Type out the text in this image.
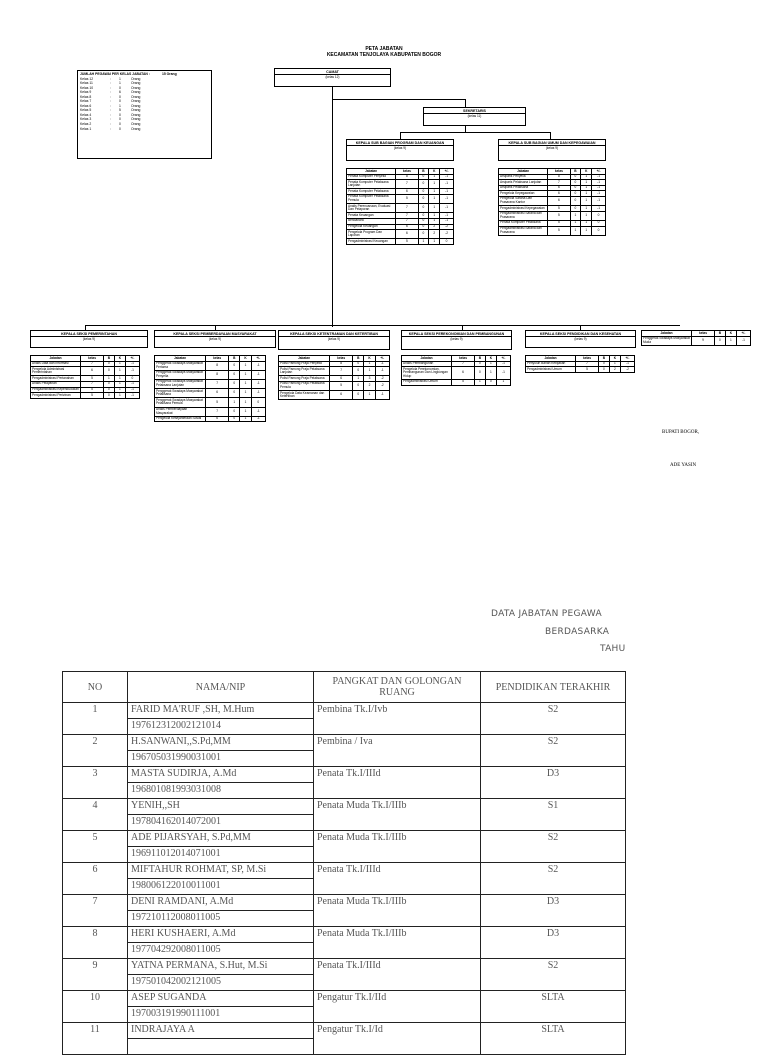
PETA JABATAN
KECAMATAN TENJOLAYA KABUPATEN BOGOR
JUMLAH PEGAWAI PER KELAS JABATAN :	15 Orang
Kelas 12	:	1	Orang
Kelas 11	:	1	Orang
Kelas 10	:	0	Orang
Kelas 9	:	6	Orang
Kelas 8	:	0	Orang
Kelas 7	:	0	Orang
Kelas 6	:	1	Orang
Kelas 5	:	5	Orang
Kelas 4	:	0	Orang
Kelas 3	:	0	Orang
Kelas 2	:	0	Orang
Kelas 1	:	0	Orang
CAMAT
(kelas 12)
SEKRETARIS
(kelas 11)
KEPALA SUB BAGIAN PROGRAM DAN KEUANGAN
(kelas 9)
KEPALA SUB BAGIAN UMUM DAN KEPEGAWAIAN
(kelas 9)
KEPALA SEKSI PEMERINTAHAN
(kelas 9)
KEPALA SEKSI PEMBERDAYAAN MASYARAKAT
(kelas 9)
KEPALA SEKSI KETENTRAMAN DAN KETERTIBAN
(kelas 9)
KEPALA SEKSI PEREKONOMIAN DAN PEMBANGUNAN
(kelas 9)
KEPALA SEKSI PENDIDIKAN DAN KESEHATAN
(kelas 9)
Jabatan	kelas	B	K	+/-
Penata Komputer Penyelia	8	0	1	-1
Penata Komputer Pelaksana Lanjutan	7	0	1	-1
Penata Komputer Pelaksana	6	0	1	-1
Penata Komputer Pelaksana Pemula	5	0	1	-1
Analis Perencanaan, Evaluasi Dan Pelaporan	7	0	1	-1
Penata Keuangan	7	0	1	-1
Bendahara	7	0	1	-1
Pengelola Keuangan	6	0	2	-2
Pengelola Program Dan Laporan	6	0	2	-2
Pengadministrasi Keuangan	5	1	1	0
Jabatan	kelas	B	K	+/-
Arsiparis Penyelia	8	0	1	-1
Arsiparis Pelaksana Lanjutan	7	0	1	-1
Arsiparis Pelaksana	6	0	1	-1
Pengelola Kepegawaian	6	0	1	-1
Pengelola Sarana Dan Prasarana Kantor	6	0	1	-1
Pengadministrasi Kepegawaian	5	0	1	-1
Pengadministrasi Sarana dan Prasarana	5	1	1	0
Penata Komputer Pelaksana	5	1	1	0
Pengadministrasi Sarana dan Prasarana	5	1	1	0
Jabatan	kelas	B	K	+/-
Analis Data dan Informasi	7	0	1	-1
Pengelola Administrasi Pemerintahan	6	0	1	-1
Pengadministrasi Pertanahan	5	1	1	0
Analis Pelayanan	7	0	1	-1
Pengadministrasi Kependudukan	5	0	1	-1
Pengadministrasi Perizinan	5	0	1	-1
Jabatan	kelas	B	K	+/-
Penggerak Swadaya Masyarakat Pertama	8	0	1	-1
Penggerak Swadaya Masyarakat Penyelia	8	0	1	-1
Penggerak Swadaya Masyarakat Pelaksana Lanjutan	7	0	1	-1
Penggerak Swadaya Masyarakat Pelaksana	6	0	1	-1
Penggerak Swadaya Masyarakat Pelaksana Pemula	5	1	1	0
Analis Pemberdayaan Masyarakat	7	0	1	-1
Pengelola Kesejahteraan Sosial	6	0	1	-1
Jabatan	kelas	B	K	+/-
Polisi Pamong Praja Penyelia	8	0	1	-1
Polisi Pamong Praja Pelaksana Lanjutan	7	0	1	-1
Polisi Pamong Praja Pelaksana	6	1	3	-2
Polisi Pamong Praja Pelaksana Pemula	5	0	2	-2
Pengelola Data Keamanan dan Ketertiban	6	0	1	-1
Jabatan	kelas	B	K	+/-
Analis Pembangunan	7	0	1	-1
Pengelola Perekonomian, Pembangunan Dan Lingkungan Hidup	6	0	1	-1
Pengadministrasi Umum	5	1	0	1
Jabatan	kelas	B	K	+/-
Penyuluh Bahan Kebijakan	7	0	1	-1
Pengadministrasi Umum	5	0	2	-2
Jabatan	kelas	B	K	+/-
Penggerak Swadaya Masyarakat Muda	9	0	1	-1
BUPATI BOGOR,
ADE YASIN
DATA JABATAN PEGAWA
BERDASARKA
TAHU
NO	NAMA/NIP	PANGKAT DAN GOLONGAN RUANG	PENDIDIKAN TERAKHIR
1	FARID MA'RUF ,SH, M.Hum	Pembina Tk.I/Ivb	S2
	197612312002121014		
2	H.SANWANI,,S.Pd,MM	Pembina / Iva	S2
	196705031990031001		
3	MASTA SUDIRJA, A.Md	Penata Tk.I/IIId	D3
	196801081993031008		
4	YENIH,,SH	Penata Muda Tk.I/IIIb	S1
	197804162014072001		
5	ADE PIJARSYAH, S.Pd,MM	Penata Muda Tk.I/IIIb	S2
	196911012014071001		
6	MIFTAHUR ROHMAT, SP, M.Si	Penata Tk.I/IIId	S2
	198006122010011001		
7	DENI RAMDANI, A.Md	Penata Muda Tk.I/IIIb	D3
	197210112008011005		
8	HERI KUSHAERI, A.Md	Penata Muda Tk.I/IIIb	D3
	197704292008011005		
9	YATNA PERMANA, S.Hut, M.Si	Penata Tk.I/IIId	S2
	197501042002121005		
10	ASEP SUGANDA	Pengatur Tk.I/IId	SLTA
	197003191990111001		
11	INDRAJAYA A	Pengatur Tk.I/Id	SLTA
